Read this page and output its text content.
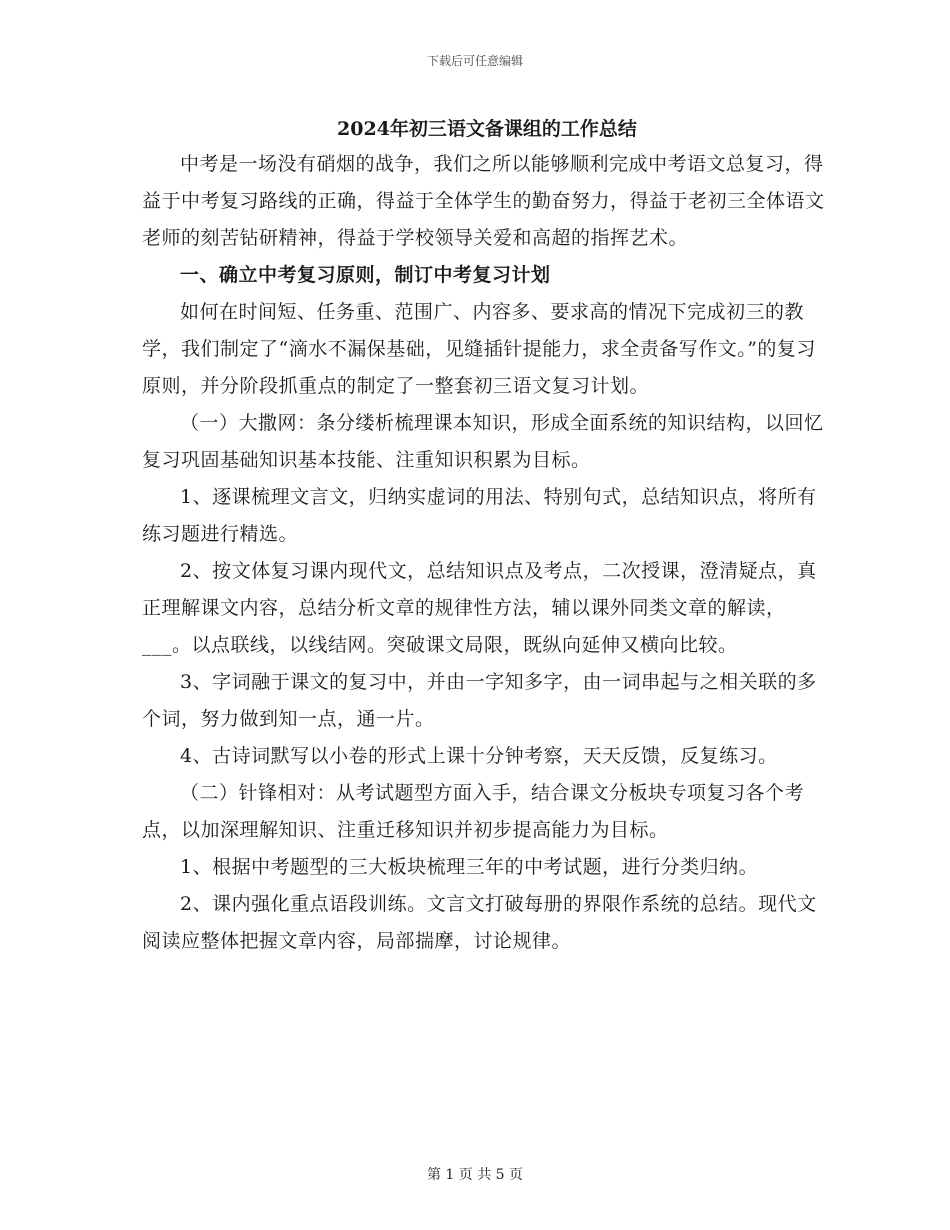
下载后可任意编辑
2024年初三语文备课组的工作总结

中考是一场没有硝烟的战争，我们之所以能够顺利完成中考语文总复习，得益于中考复习路线的正确，得益于全体学生的勤奋努力，得益于老初三全体语文老师的刻苦钻研精神，得益于学校领导关爱和高超的指挥艺术。

一、确立中考复习原则，制订中考复习计划

如何在时间短、任务重、范围广、内容多、要求高的情况下完成初三的教学，我们制定了“滴水不漏保基础，见缝插针提能力，求全责备写作文。”的复习原则，并分阶段抓重点的制定了一整套初三语文复习计划。

（一）大撒网：条分缕析梳理课本知识，形成全面系统的知识结构，以回忆复习巩固基础知识基本技能、注重知识积累为目标。

1、逐课梳理文言文，归纳实虚词的用法、特别句式，总结知识点，将所有练习题进行精选。

2、按文体复习课内现代文，总结知识点及考点，二次授课，澄清疑点，真正理解课文内容，总结分析文章的规律性方法，辅以课外同类文章的解读，___。以点联线，以线结网。突破课文局限，既纵向延伸又横向比较。

3、字词融于课文的复习中，并由一字知多字，由一词串起与之相关联的多个词，努力做到知一点，通一片。

4、古诗词默写以小卷的形式上课十分钟考察，天天反馈，反复练习。

（二）针锋相对：从考试题型方面入手，结合课文分板块专项复习各个考点，以加深理解知识、注重迁移知识并初步提高能力为目标。

1、根据中考题型的三大板块梳理三年的中考试题，进行分类归纳。

2、课内强化重点语段训练。文言文打破每册的界限作系统的总结。现代文阅读应整体把握文章内容，局部揣摩，讨论规律。

第 1 页 共 5 页
